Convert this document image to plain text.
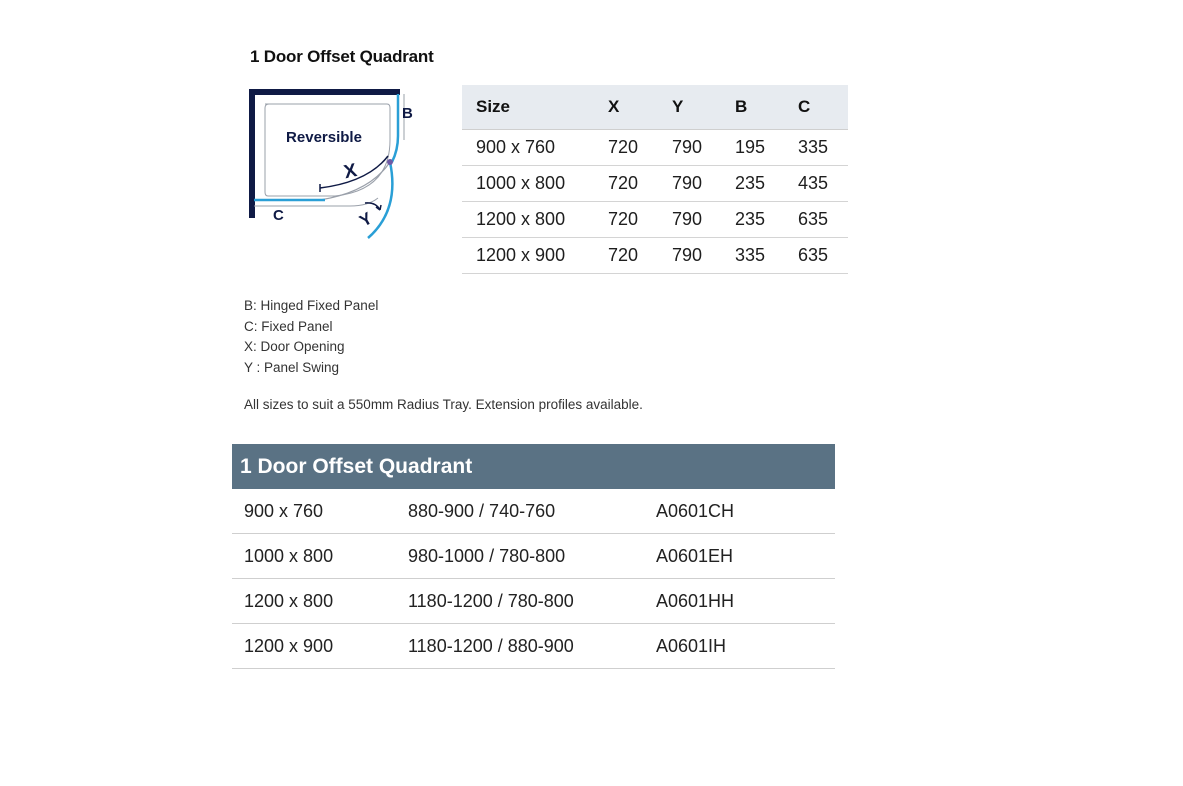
1 Door Offset Quadrant
Reversible
B
C
X
Y
Size	X	Y	B	C
900 x 760	720	790	195	335
1000 x 800	720	790	235	435
1200 x 800	720	790	235	635
1200 x 900	720	790	335	635
B: Hinged Fixed Panel
C: Fixed Panel
X: Door Opening
Y : Panel Swing
All sizes to suit a 550mm Radius Tray. Extension profiles available.
1 Door Offset Quadrant
900 x 760	880-900 / 740-760	A0601CH
1000 x 800	980-1000 / 780-800	A0601EH
1200 x 800	1180-1200 / 780-800	A0601HH
1200 x 900	1180-1200 / 880-900	A0601IH
